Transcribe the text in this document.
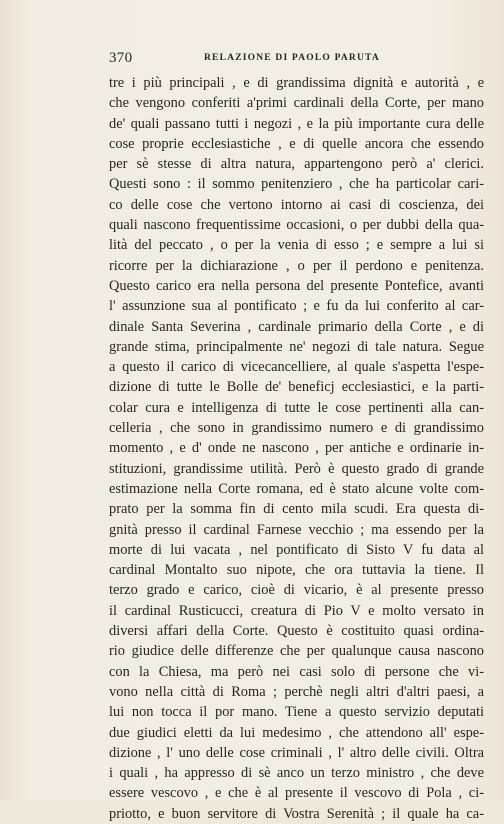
370	RELAZIONE DI PAOLO PARUTA
tre i più principali , e di grandissima dignità e autorità , e
che vengono conferiti a'primi cardinali della Corte, per mano
de' quali passano tutti i negozi , e la più importante cura delle
cose proprie ecclesiastiche , e di quelle ancora che essendo
per sè stesse di altra natura, appartengono però a' clerici.
Questi sono : il sommo penitenziero , che ha particolar cari-
co delle cose che vertono intorno ai casi di coscienza, dei
quali nascono frequentissime occasioni, o per dubbi della qua-
lità del peccato , o per la venia di esso ; e sempre a lui si
ricorre per la dichiarazione , o per il perdono e penitenza.
Questo carico era nella persona del presente Pontefice, avanti
l' assunzione sua al pontificato ; e fu da lui conferito al car-
dinale Santa Severina , cardinale primario della Corte , e di
grande stima, principalmente ne' negozi di tale natura. Segue
a questo il carico di vicecancelliere, al quale s'aspetta l'espe-
dizione di tutte le Bolle de' beneficj ecclesiastici, e la parti-
colar cura e intelligenza di tutte le cose pertinenti alla can-
celleria , che sono in grandissimo numero e di grandissimo
momento , e d' onde ne nascono , per antiche e ordinarie in-
stituzioni, grandissime utilità. Però è questo grado di grande
estimazione nella Corte romana, ed è stato alcune volte com-
prato per la somma fin di cento mila scudi. Era questa di-
gnità presso il cardinal Farnese vecchio ; ma essendo per la
morte di lui vacata , nel pontificato di Sisto V fu data al
cardinal Montalto suo nipote, che ora tuttavia la tiene. Il
terzo grado e carico, cioè di vicario, è al presente presso
il cardinal Rusticucci, creatura di Pio V e molto versato in
diversi affari della Corte. Questo è costituito quasi ordina-
rio giudice delle differenze che per qualunque causa nascono
con la Chiesa, ma però nei casi solo di persone che vi-
vono nella città di Roma ; perchè negli altri d'altri paesi, a
lui non tocca il por mano. Tiene a questo servizio deputati
due giudici eletti da lui medesimo , che attendono all' espe-
dizione , l' uno delle cose criminali , l' altro delle civili. Oltra
i quali , ha appresso di sè anco un terzo ministro , che deve
essere vescovo , e che è al presente il vescovo di Pola , ci-
priotto, e buon servitore di Vostra Serenità ; il quale ha ca-
